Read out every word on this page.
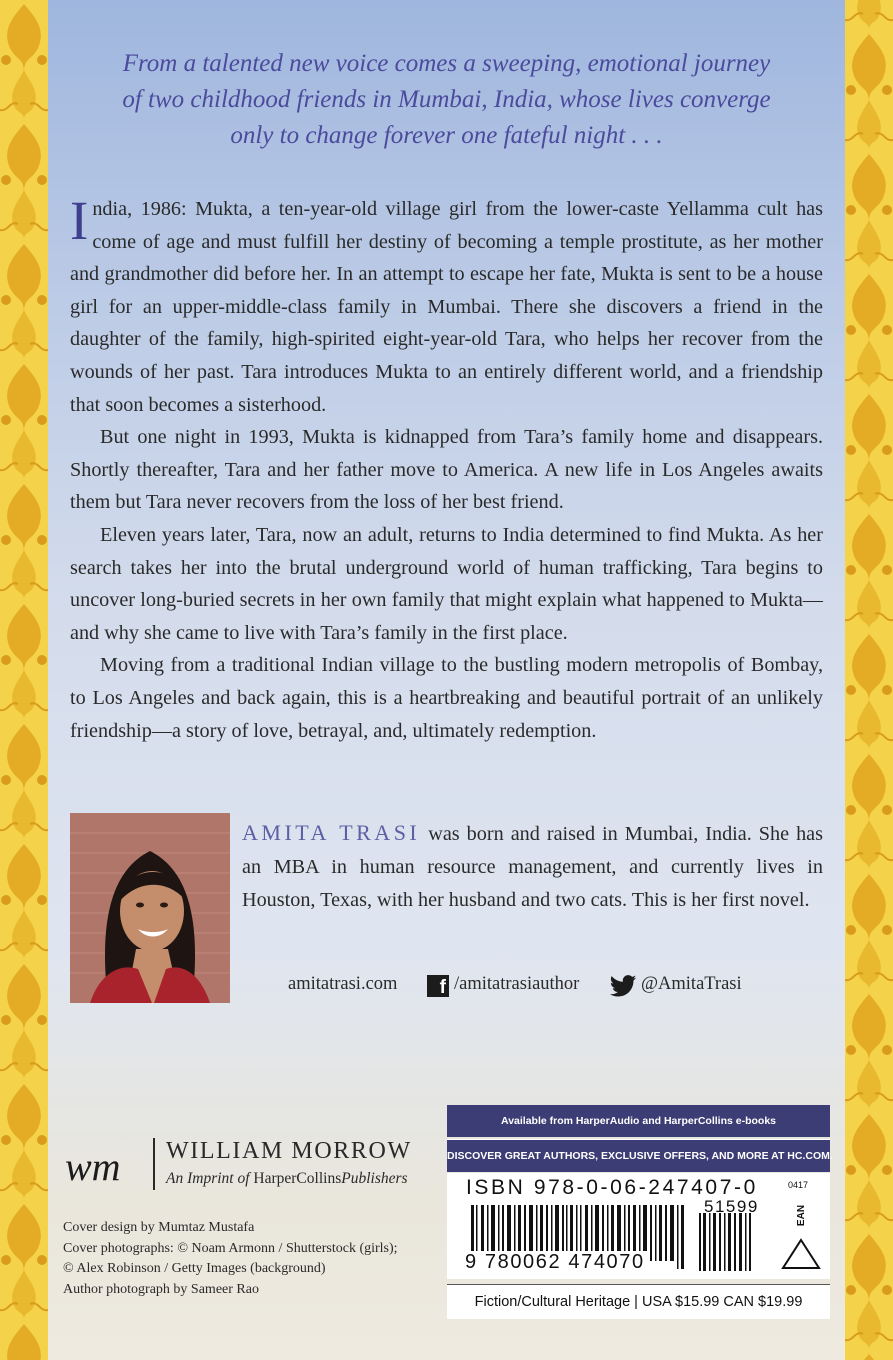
From a talented new voice comes a sweeping, emotional journey
of two childhood friends in Mumbai, India, whose lives converge
only to change forever one fateful night . . .

India, 1986: Mukta, a ten-year-old village girl from the lower-caste Yellamma cult has come of age and must fulfill her destiny of becoming a temple prostitute, as her mother and grandmother did before her. In an attempt to escape her fate, Mukta is sent to be a house girl for an upper-middle-class family in Mumbai. There she discovers a friend in the daughter of the family, high-spirited eight-year-old Tara, who helps her recover from the wounds of her past. Tara introduces Mukta to an entirely different world, and a friendship that soon becomes a sisterhood.

But one night in 1993, Mukta is kidnapped from Tara’s family home and disappears. Shortly thereafter, Tara and her father move to America. A new life in Los Angeles awaits them but Tara never recovers from the loss of her best friend.

Eleven years later, Tara, now an adult, returns to India determined to find Mukta. As her search takes her into the brutal underground world of human trafficking, Tara begins to uncover long-buried secrets in her own family that might explain what happened to Mukta—and why she came to live with Tara’s family in the first place.

Moving from a traditional Indian village to the bustling modern metropolis of Bombay, to Los Angeles and back again, this is a heartbreaking and beautiful portrait of an unlikely friendship—a story of love, betrayal, and, ultimately redemption.

AMITA TRASI was born and raised in Mumbai, India. She has an MBA in human resource management, and currently lives in Houston, Texas, with her husband and two cats. This is her first novel.
amitatrasi.com	f /amitatrasiauthor	@AmitaTrasi
wm WILLIAM MORROW
An Imprint of HarperCollinsPublishers
Cover design by Mumtaz Mustafa
Cover photographs: © Noam Armonn / Shutterstock (girls);
© Alex Robinson / Getty Images (background)
Author photograph by Sameer Rao
Available from HarperAudio and HarperCollins e-books
DISCOVER GREAT AUTHORS, EXCLUSIVE OFFERS, AND MORE AT HC.COM.
ISBN 978-0-06-247407-0
51599
9 780062 474070
0417
EAN
Fiction/Cultural Heritage | USA $15.99 CAN $19.99
